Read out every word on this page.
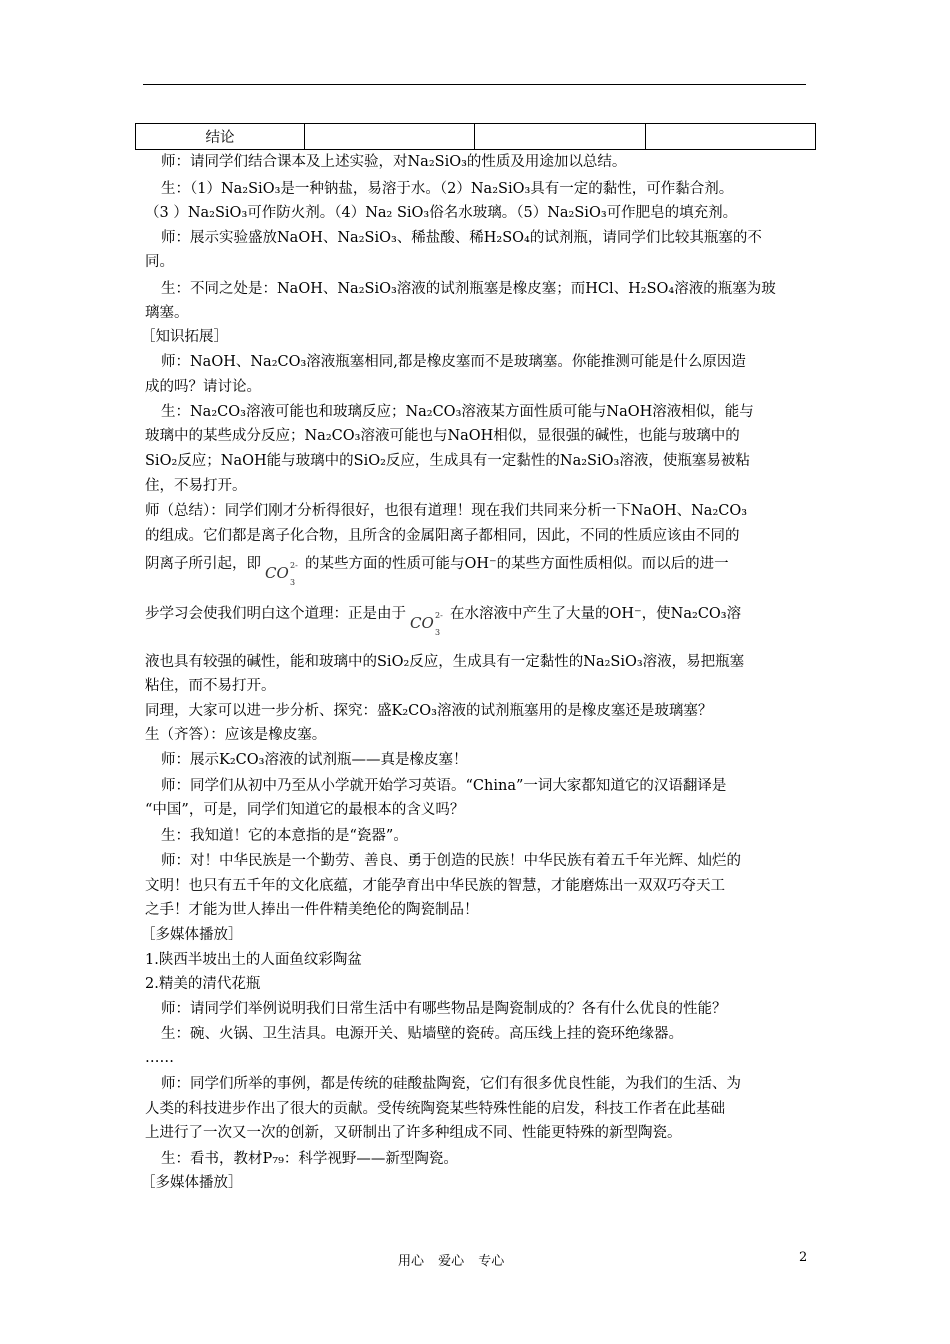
结论			
师：请同学们结合课本及上述实验，对Na₂SiO₃的性质及用途加以总结。
生：（1）Na₂SiO₃是一种钠盐，易溶于水。（2）Na₂SiO₃具有一定的黏性，可作黏合剂。
（3 ）Na₂SiO₃可作防火剂。（4）Na₂ SiO₃俗名水玻璃。（5）Na₂SiO₃可作肥皂的填充剂。
师：展示实验盛放NaOH、Na₂SiO₃、稀盐酸、稀H₂SO₄的试剂瓶，请同学们比较其瓶塞的不
同。
生：不同之处是：NaOH、Na₂SiO₃溶液的试剂瓶塞是橡皮塞；而HCl、H₂SO₄溶液的瓶塞为玻
璃塞。
［知识拓展］
师：NaOH、Na₂CO₃溶液瓶塞相同,都是橡皮塞而不是玻璃塞。你能推测可能是什么原因造
成的吗？请讨论。
生：Na₂CO₃溶液可能也和玻璃反应；Na₂CO₃溶液某方面性质可能与NaOH溶液相似，能与
玻璃中的某些成分反应；Na₂CO₃溶液可能也与NaOH相似，显很强的碱性，也能与玻璃中的
SiO₂反应；NaOH能与玻璃中的SiO₂反应，生成具有一定黏性的Na₂SiO₃溶液，使瓶塞易被粘
住，不易打开。
师（总结）：同学们刚才分析得很好，也很有道理！现在我们共同来分析一下NaOH、Na₂CO₃
的组成。它们都是离子化合物，且所含的金属阳离子都相同，因此，不同的性质应该由不同的
阴离子所引起，即 CO 2-
3
的某些方面的性质可能与OH⁻的某些方面性质相似。而以后的进一
步学习会使我们明白这个道理：正是由于 CO 2-
3
在水溶液中产生了大量的OH⁻，使Na₂CO₃溶
液也具有较强的碱性，能和玻璃中的SiO₂反应，生成具有一定黏性的Na₂SiO₃溶液，易把瓶塞
粘住，而不易打开。
同理，大家可以进一步分析、探究：盛K₂CO₃溶液的试剂瓶塞用的是橡皮塞还是玻璃塞？
生（齐答）：应该是橡皮塞。
师：展示K₂CO₃溶液的试剂瓶——真是橡皮塞！
师：同学们从初中乃至从小学就开始学习英语。“China”一词大家都知道它的汉语翻译是
“中国”，可是，同学们知道它的最根本的含义吗？
生：我知道！它的本意指的是“瓷器”。
师：对！中华民族是一个勤劳、善良、勇于创造的民族！中华民族有着五千年光辉、灿烂的
文明！也只有五千年的文化底蕴，才能孕育出中华民族的智慧，才能磨炼出一双双巧夺天工
之手！才能为世人捧出一件件精美绝伦的陶瓷制品！
［多媒体播放］
1.陕西半坡出土的人面鱼纹彩陶盆
2.精美的清代花瓶
师：请同学们举例说明我们日常生活中有哪些物品是陶瓷制成的？各有什么优良的性能？
生：碗、火锅、卫生洁具。电源开关、贴墙壁的瓷砖。高压线上挂的瓷环绝缘器。
……
师：同学们所举的事例，都是传统的硅酸盐陶瓷，它们有很多优良性能，为我们的生活、为
人类的科技进步作出了很大的贡献。受传统陶瓷某些特殊性能的启发，科技工作者在此基础
上进行了一次又一次的创新，又研制出了许多种组成不同、性能更特殊的新型陶瓷。
生：看书，教材P₇₉：科学视野——新型陶瓷。
［多媒体播放］
用心 爱心 专心	2
